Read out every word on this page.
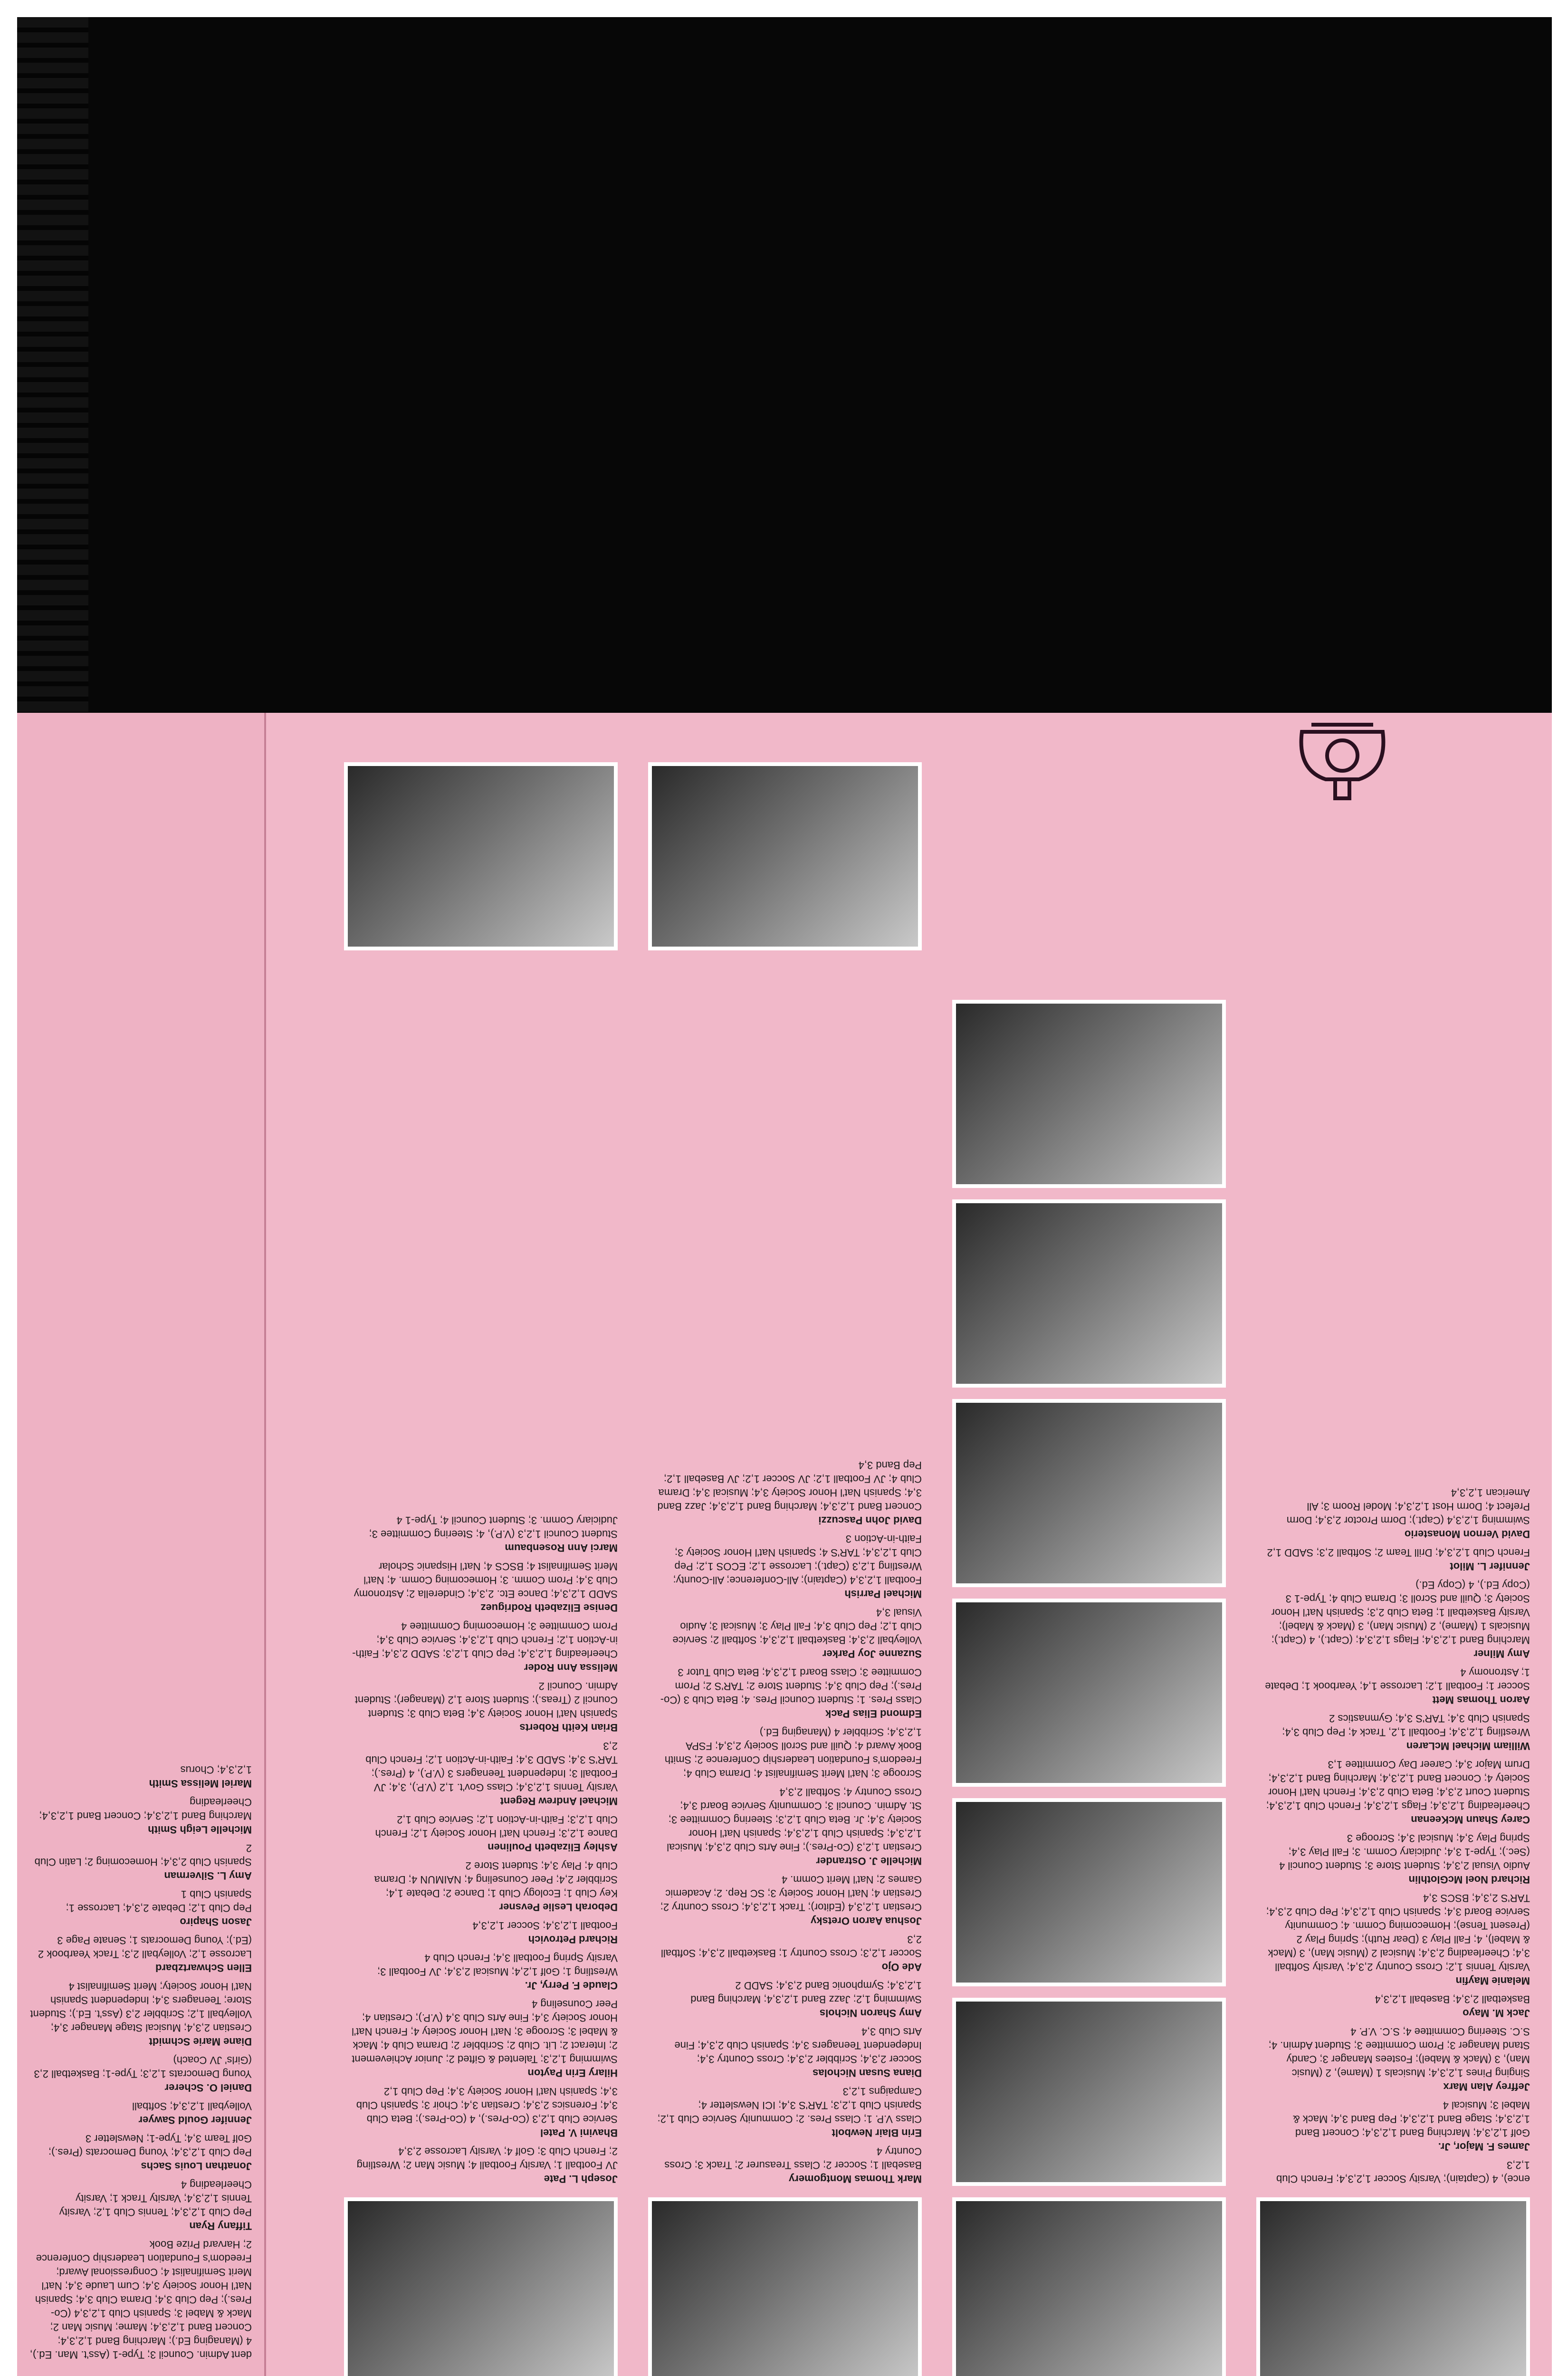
ence), 4 (Captain); Varsity Soccer 1,2,3,4; French Club 1,2,3
James F. Major, Jr.
Golf 1,2,3,4; Marching Band 1,2,3,4; Concert Band 1,2,3,4; Stage Band 1,2,3,4; Pep Band 3,4; Mack & Mabel 3; Musical 4
Jeffrey Alan Marx
Singing Pines 1,2,3,4; Musicals 1 (Mame), 2 (Music Man), 3 (Mack & Mabel); Fostees Manager 3; Candy Stand Manager 3; Prom Committee 3; Student Admin. 4; S.C. Steering Committee 4; S.C. V.P. 4
Jack M. Mayo
Basketball 2,3,4; Baseball 1,2,3,4
Melanie Mayfin
Varsity Tennis 1,2; Cross Country 2,3,4; Varsity Softball 3,4; Cheerleading 2,3,4; Musical 2 (Music Man), 3 (Mack & Mabel), 4; Fall Play 3 (Dear Ruth); Spring Play 2 (Present Tense); Homecoming Comm. 4; Community Service Board 3,4; Spanish Club 1,2,3,4; Pep Club 2,3,4; TAR'S 2,3,4; BSCS 3,4
Richard Noel McGlothlin
Audio Visual 2,3,4; Student Store 3; Student Council 4 (Sec.); Type-1 3,4; Judiciary Comm. 3; Fall Play 3,4; Spring Play 3,4; Musical 3,4; Scrooge 3
Carey Shaun McKeenan
Cheerleading 1,2,3,4; Flags 1,2,3,4; French Club 1,2,3,4; Student Court 2,3,4; Beta Club 2,3,4; French Nat'l Honor Society 4; Concert Band 1,2,3,4; Marching Band 1,2,3,4; Drum Major 3,4; Career Day Committee 1,3
William Michael McLaren
Wrestling 1,2,3,4; Football 1,2, Track 4; Pep Club 3,4; Spanish Club 3,4; TAR'S 3,4; Gymnastics 2
Aaron Thomas Mett
Soccer 1; Football 1,2; Lacrosse 1,4; Yearbook 1; Debate 1; Astronomy 4
Amy Milner
Marching Band 1,2,3,4; Flags 1,2,3,4; (Capt.), 4 (Capt.); Musicals 1 (Mame), 2 (Music Man), 3 (Mack & Mabel); Varsity Basketball 1; Beta Club 2,3; Spanish Nat'l Honor Society 3; Quill and Scroll 3; Drama Club 4; Type-1 3 (Copy Ed.), 4 (Copy Ed.)
Jennifer L. Milot
French Club 1,2,3,4; Drill Team 2; Softball 2,3; SADD 1,2
David Vernon Monasterio
Swimming 1,2,3,4 (Capt.); Dorm Proctor 2,3,4; Dorm Prefect 4; Dorm Host 1,2,3,4; Model Room 3; All American 1,2,3,4
Mark Thomas Montgomery
Baseball 1; Soccer 2; Class Treasurer 2; Track 3; Cross Country 4
Erin Blair Newbolt
Class V.P. 1; Class Pres. 2; Community Service Club 1,2; Spanish Club 1,2,3; TAR'S 3,4; ICI Newsletter 4; Campaigns 1,2,3
Diana Susan Nicholas
Soccer 2,3,4; Scribbler 2,3,4; Cross Country 3,4; Independent Teenagers 3,4; Spanish Club 2,3,4; Fine Arts Club 3,4
Amy Sharon Nichols
Swimming 1,2; Jazz Band 1,2,3,4; Marching Band 1,2,3,4; Symphonic Band 2,3,4; SADD 2
Ade Ojo
Soccer 1,2,3; Cross Country 1; Basketball 2,3,4; Softball 2,3
Joshua Aaron Oretsky
Crestian 1,2,3,4 (Editor); Track 1,2,3,4; Cross Country 2; Crestian 4; Nat'l Honor Society 3; SC Rep. 2; Academic Games 2; Nat'l Merit Comm. 4
Michelle J. Ostrander
Crestian 1,2,3 (Co-Pres.); Fine Arts Club 2,3,4; Musical 1,2,3,4; Spanish Club 1,2,3,4; Spanish Nat'l Honor Society 3,4; Jr. Beta Club 1,2,3; Steering Committee 3; St. Admin. Council 3; Community Service Board 3,4; Cross Country 4; Softball 2,3,4
Scrooge 3; Nat'l Merit Semifinalist 4; Drama Club 4; Freedom's Foundation Leadership Conference 2; Smith Book Award 4; Quill and Scroll Society 2,3,4; FSPA 1,2,3,4; Scribbler 4 (Managing Ed.)
Edmond Elias Pack
Class Pres. 1; Student Council Pres. 4; Beta Club 3 (Co-Pres.); Pep Club 3,4; Student Store 2; TAR'S 2; Prom Committee 3; Class Board 1,2,3,4; Beta Club Tutor 3
Suzanne Joy Parker
Volleyball 2,3,4; Basketball 1,2,3,4; Softball 2; Service Club 1,2; Pep Club 3,4; Fall Play 3; Musical 3; Audio Visual 3,4
Michael Parrish
Football 1,2,3,4 (Captain); All-Conference; All-County; Wrestling 1,2,3 (Capt.); Lacrosse 1,2; ECOS 1,2; Pep Club 1,2,3,4; TAR'S 4; Spanish Nat'l Honor Society 3; Faith-in-Action 3
David John Pascuzzi
Concert Band 1,2,3,4; Marching Band 1,2,3,4; Jazz Band 3,4; Spanish Nat'l Honor Society 3,4; Musical 3,4; Drama Club 4; JV Football 1,2; JV Soccer 1,2; JV Baseball 1,2; Pep Band 3,4
Joseph L. Pate
JV Football 1; Varsity Football 4; Music Man 2; Wrestling 2; French Club 3; Golf 4; Varsity Lacrosse 2,3,4
Bhavini V. Patel
Service Club 1,2,3 (Co-Pres.), 4 (Co-Pres.); Beta Club 3,4; Forensics 2,3,4; Crestian 3,4; Choir 3; Spanish Club 3,4; Spanish Nat'l Honor Society 3,4; Pep Club 1,2
Hilary Erin Payton
Swimming 1,2,3; Talented & Gifted 2; Junior Achievement 2; Interact 2; Lit. Club 2; Scribbler 2; Drama Club 4; Mack & Mabel 3; Scrooge 3; Nat'l Honor Society 4; French Nat'l Honor Society 3,4; Fine Arts Club 3,4 (V.P.); Crestian 4; Peer Counseling 4
Claude F. Perry, Jr.
Wrestling 1; Golf 1,2,4; Musical 2,3,4; JV Football 3; Varsity Spring Football 3,4; French Club 4
Richard Petrovich
Football 1,2,3,4; Soccer 1,2,3,4
Deborah Leslie Pevsner
Key Club 1; Ecology Club 1; Dance 2; Debate 1,4; Scribbler 2,4; Peer Counseling 4; NAIMUN 4; Drama Club 4; Play 3,4; Student Store 2
Ashley Elizabeth Poulinen
Dance 1,2,3; French Nat'l Honor Society 1,2; French Club 1,2,3; Faith-in-Action 1,2; Service Club 1,2
Michael Andrew Regent
Varsity Tennis 1,2,3,4; Class Gov't. 1,2 (V.P.), 3,4; JV Football 3; Independent Teenagers 3 (V.P.), 4 (Pres.); TAR'S 3,4; SADD 3,4; Faith-in-Action 1,2; French Club 2,3
Brian Keith Roberts
Spanish Nat'l Honor Society 3,4; Beta Club 3; Student Council 2 (Treas.); Student Store 1,2 (Manager); Student Admin. Council 2
Melissa Ann Roder
Cheerleading 1,2,3,4; Pep Club 1,2,3; SADD 2,3,4; Faith-in-Action 1,2; French Club 1,2,3,4; Service Club 3,4; Prom Committee 3; Homecoming Committee 4
Denise Elizabeth Rodriguez
SADD 1,2,3,4; Dance Etc. 2,3,4; Cinderella 2; Astronomy Club 3,4; Prom Comm. 3; Homecoming Comm. 4; Nat'l Merit Semifinalist 4; BSCS 4; Nat'l Hispanic Scholar
Marci Ann Rosenbaum
Student Council 1,2,3 (V.P.), 4; Steering Committee 3; Judiciary Comm. 3; Student Council 4; Type-1 4
dent Admin. Council 3; Type-1 (Ass't. Man. Ed.), 4 (Managing Ed.); Marching Band 1,2,3,4; Concert Band 1,2,3,4; Mame; Music Man 2; Mack & Mabel 3; Spanish Club 1,2,3,4 (Co-Pres.); Pep Club 3,4; Drama Club 3,4; Spanish Nat'l Honor Society 3,4; Cum Laude 3,4; Nat'l Merit Semifinalist 4; Congressional Award; Freedom's Foundation Leadership Conference 2; Harvard Prize Book
Tiffany Ryan
Pep Club 1,2,3,4; Tennis Club 1,2; Varsity Tennis 1,2,3,4; Varsity Track 1; Varsity Cheerleading 4
Jonathan Louis Sachs
Pep Club 1,2,3,4; Young Democrats (Pres.); Golf Team 3,4; Type-1; Newsletter 3
Jennifer Gould Sawyer
Volleyball 1,2,3,4; Softball
Daniel O. Scherer
Young Democrats 1,2,3; Type-1; Basketball 2,3 (Girls' JV Coach)
Diane Marie Schmidt
Crestian 2,3,4; Musical Stage Manager 3,4; Volleyball 1,2; Scribbler 2,3 (Ass't. Ed.); Student Store; Teenagers 3,4; Independent Spanish Nat'l Honor Society; Merit Semifinalist 4
Ellen Schwartzbard
Lacrosse 1,2; Volleyball 2,3; Track Yearbook 2 (Ed.); Young Democrats 1; Senate Page 3
Jason Shapiro
Pep Club 1,2; Debate 2,3,4; Lacrosse 1; Spanish Club 1
Amy L. Silverman
Spanish Club 2,3,4; Homecoming 2; Latin Club 2
Michelle Leigh Smith
Marching Band 1,2,3,4; Concert Band 1,2,3,4; Cheerleading
Mariel Melissa Smith
1,2,3,4; Chorus
